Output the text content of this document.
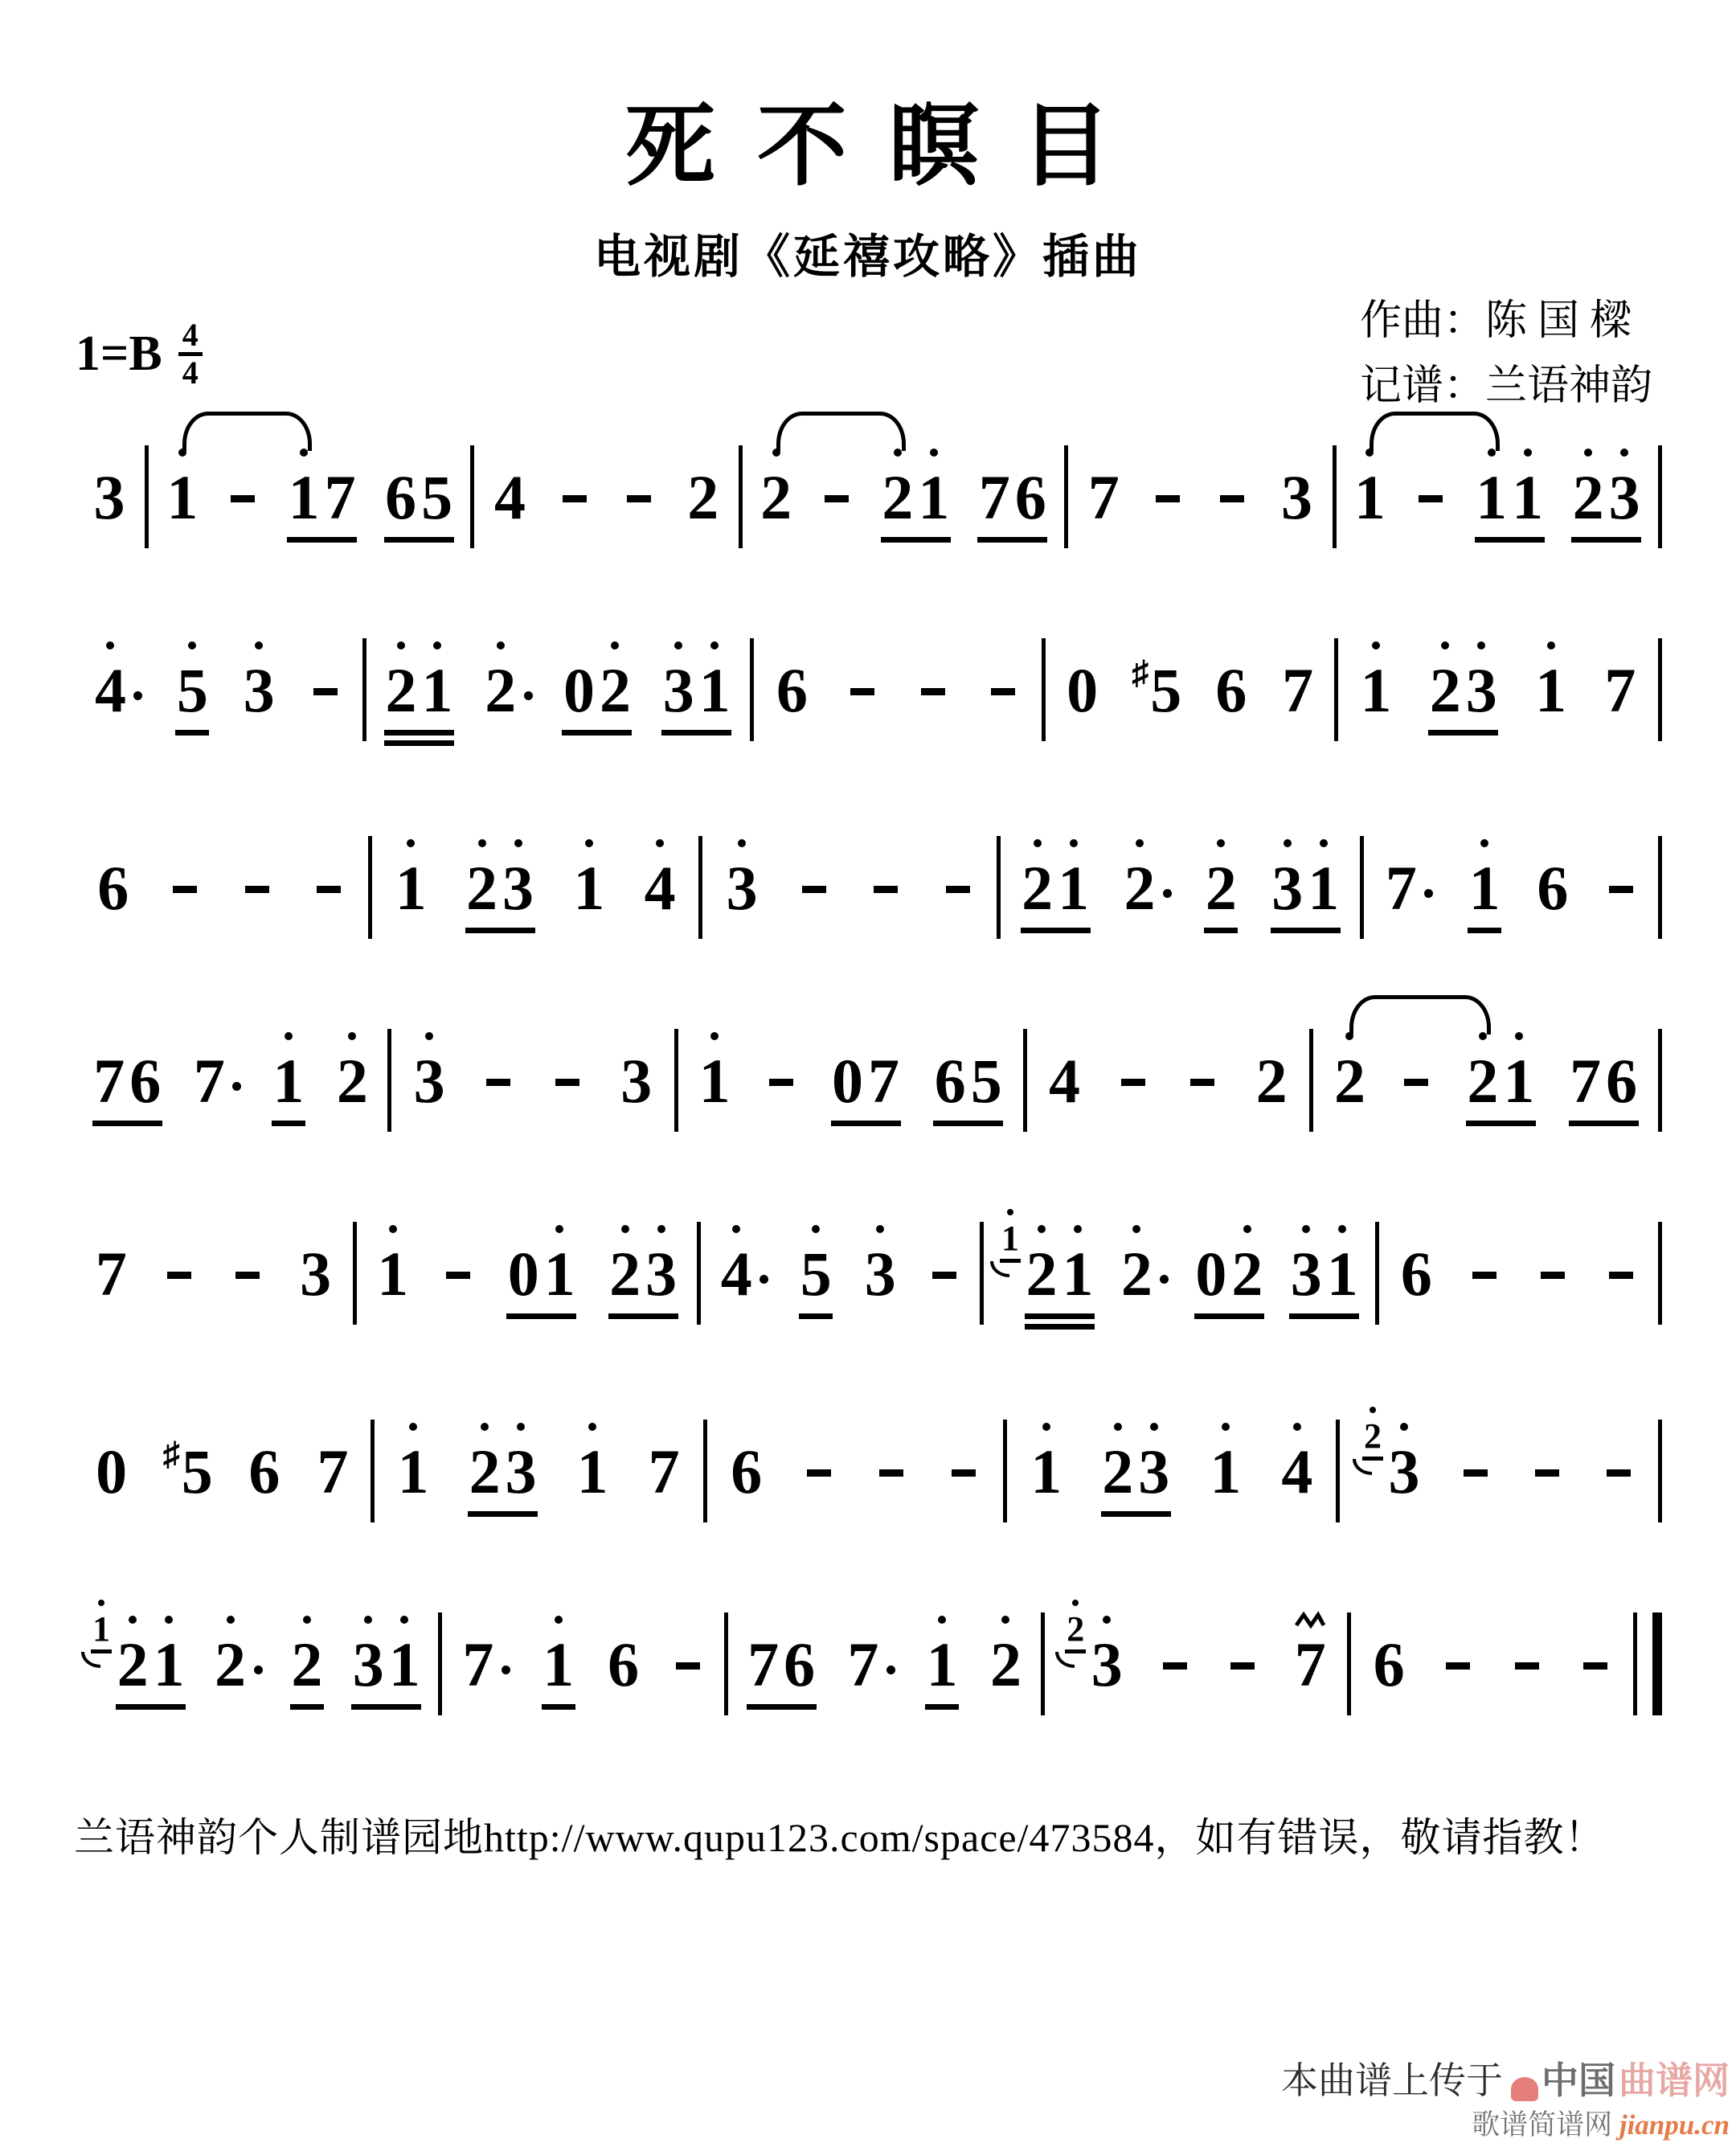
死不瞑目
电视剧《延禧攻略》插曲
$1=B \frac{4}{4}$	作曲：陈 国 樑
记谱：兰语神韵
3 1 1 7 6 5 4	2 2 2 1 7 6 7	3 1 1 1 2 3
4 5 3 2 1 2 0 2 3 1 6	0 ♯ 5 6 7 1 2 3 1 7
6	1 2 3 1 4 3	2 1 2 2 3 1 7 1 6
7 6 7 1 2 3	3 1 0 7 6 5 4	2 2 2 1 7 6
7	3 1 0 1 2 3 4 5 3
1
2 1 2 0 2 3 1 6
0 ♯ 5 6 7 1 2 3 1 7 6	1 2 3 1 4
2
3
1
2 1 2 2 3 1 7 1 6 7 6 7 1 2
2
3	7 6
兰语神韵个人制谱园地http://www.qupu123.com/space/473584，如有错误，敬请指教！
本曲谱上传于 中国 曲谱网
歌谱简谱网 jianpu.cn
